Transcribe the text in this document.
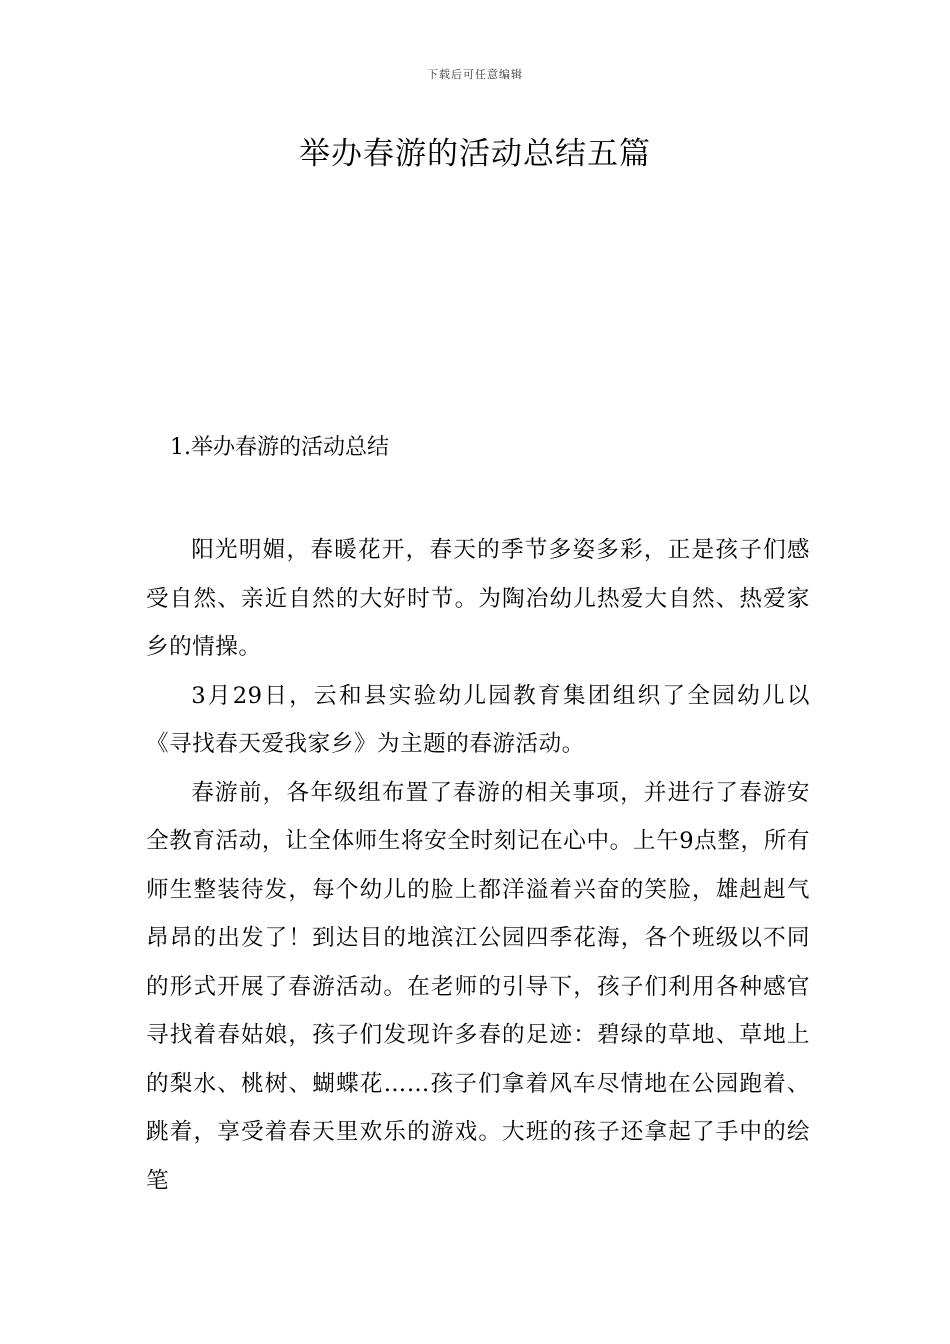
下载后可任意编辑
举办春游的活动总结五篇
1.举办春游的活动总结

阳光明媚，春暖花开，春天的季节多姿多彩，正是孩子们感受自然、亲近自然的大好时节。为陶冶幼儿热爱大自然、热爱家乡的情操。

3月29日，云和县实验幼儿园教育集团组织了全园幼儿以《寻找春天爱我家乡》为主题的春游活动。

春游前，各年级组布置了春游的相关事项，并进行了春游安全教育活动，让全体师生将安全时刻记在心中。上午9点整，所有师生整装待发，每个幼儿的脸上都洋溢着兴奋的笑脸，雄赳赳气昂昂的出发了！到达目的地滨江公园四季花海，各个班级以不同的形式开展了春游活动。在老师的引导下，孩子们利用各种感官寻找着春姑娘，孩子们发现许多春的足迹：碧绿的草地、草地上的梨水、桃树、蝴蝶花……孩子们拿着风车尽情地在公园跑着、跳着，享受着春天里欢乐的游戏。大班的孩子还拿起了手中的绘笔
